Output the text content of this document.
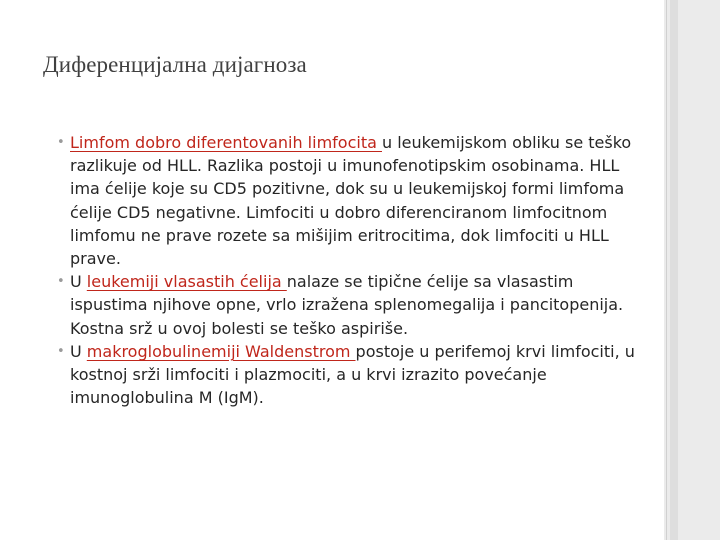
Диференцијална дијагноза
• Limfom dobro diferentovanih limfocita u leukemijskom obliku se teško razlikuje od HLL. Razlika postoji u imunofenotipskim osobinama. HLL ima ćelije koje su CD5 pozitivne, dok su u leukemijskoj formi limfoma ćelije CD5 negativne. Limfociti u dobro diferenciranom limfocitnom limfomu ne prave rozete sa mišijim eritrocitima, dok limfociti u HLL prave.
• U leukemiji vlasastih ćelija nalaze se tipične ćelije sa vlasastim ispustima njihove opne, vrlo izražena splenomegalija i pancitopenija. Kostna srž u ovoj bolesti se teško aspiriše.
• U makroglobulinemiji Waldenstrom postoje u perifemoj krvi limfociti, u kostnoj srži limfociti i plazmociti, a u krvi izrazito povećanje imunoglobulina M (IgM).
